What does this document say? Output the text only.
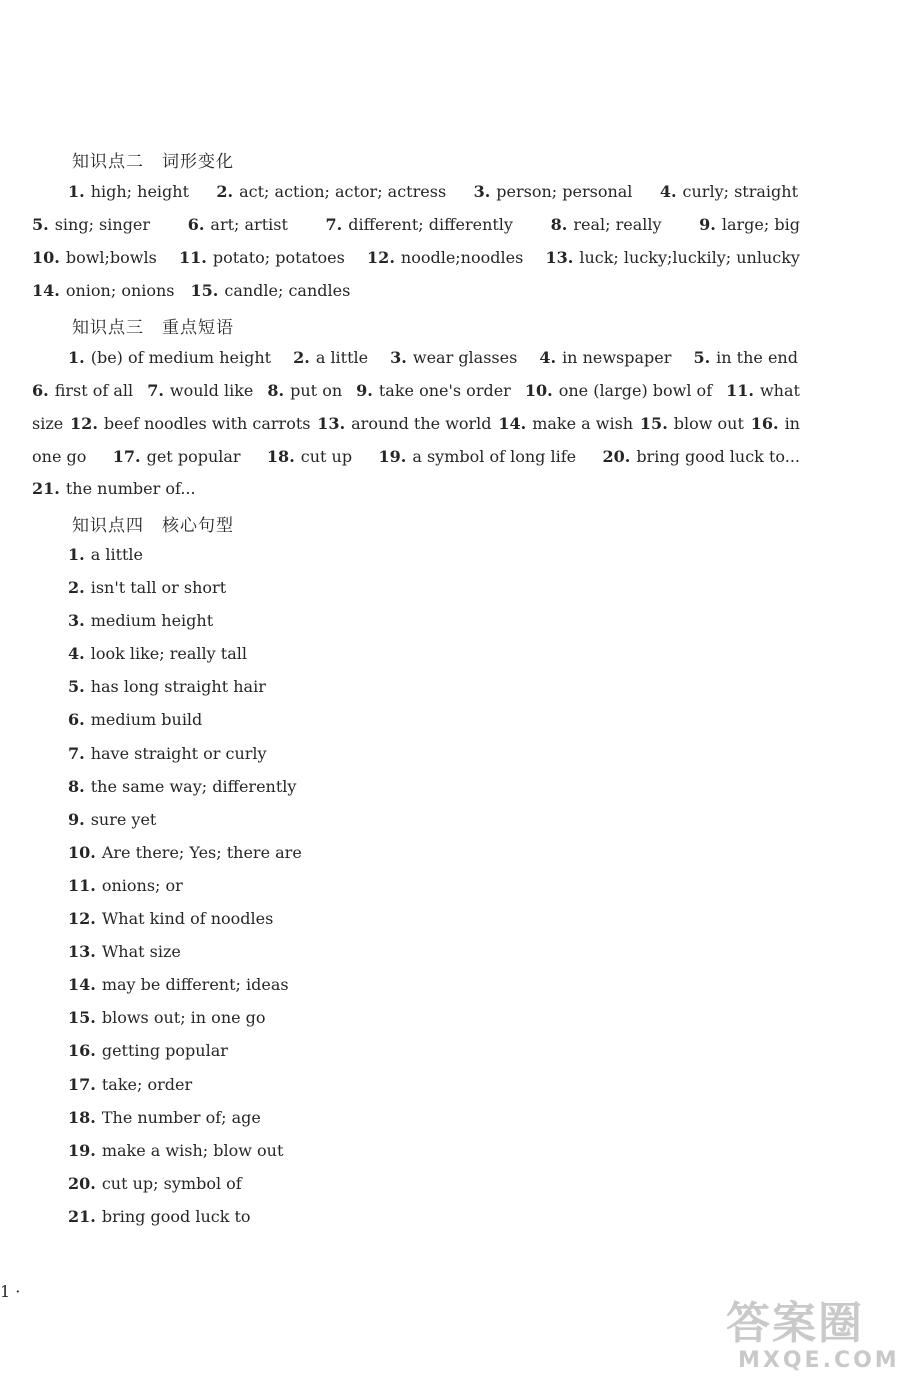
知识点二　词形变化
1. high; height 2. act; action; actor; actress 3. person; personal 4. curly; straight
5. sing; singer 6. art; artist 7. different; differently 8. real; really 9. large; big
10. bowl;bowls 11. potato; potatoes 12. noodle;noodles 13. luck; lucky;luckily; unlucky
14. onion; onions 15. candle; candles
知识点三　重点短语
1. (be) of medium height 2. a little 3. wear glasses 4. in newspaper 5. in the end
6. first of all 7. would like 8. put on 9. take one's order 10. one (large) bowl of 11. what
size 12. beef noodles with carrots 13. around the world 14. make a wish 15. blow out 16. in
one go 17. get popular 18. cut up 19. a symbol of long life 20. bring good luck to...
21. the number of...
知识点四　核心句型
1. a little
2. isn't tall or short
3. medium height
4. look like; really tall
5. has long straight hair
6. medium build
7. have straight or curly
8. the same way; differently
9. sure yet
10. Are there; Yes; there are
11. onions; or
12. What kind of noodles
13. What size
14. may be different; ideas
15. blows out; in one go
16. getting popular
17. take; order
18. The number of; age
19. make a wish; blow out
20. cut up; symbol of
21. bring good luck to
1 ·
答案圈
MXQE.COM
